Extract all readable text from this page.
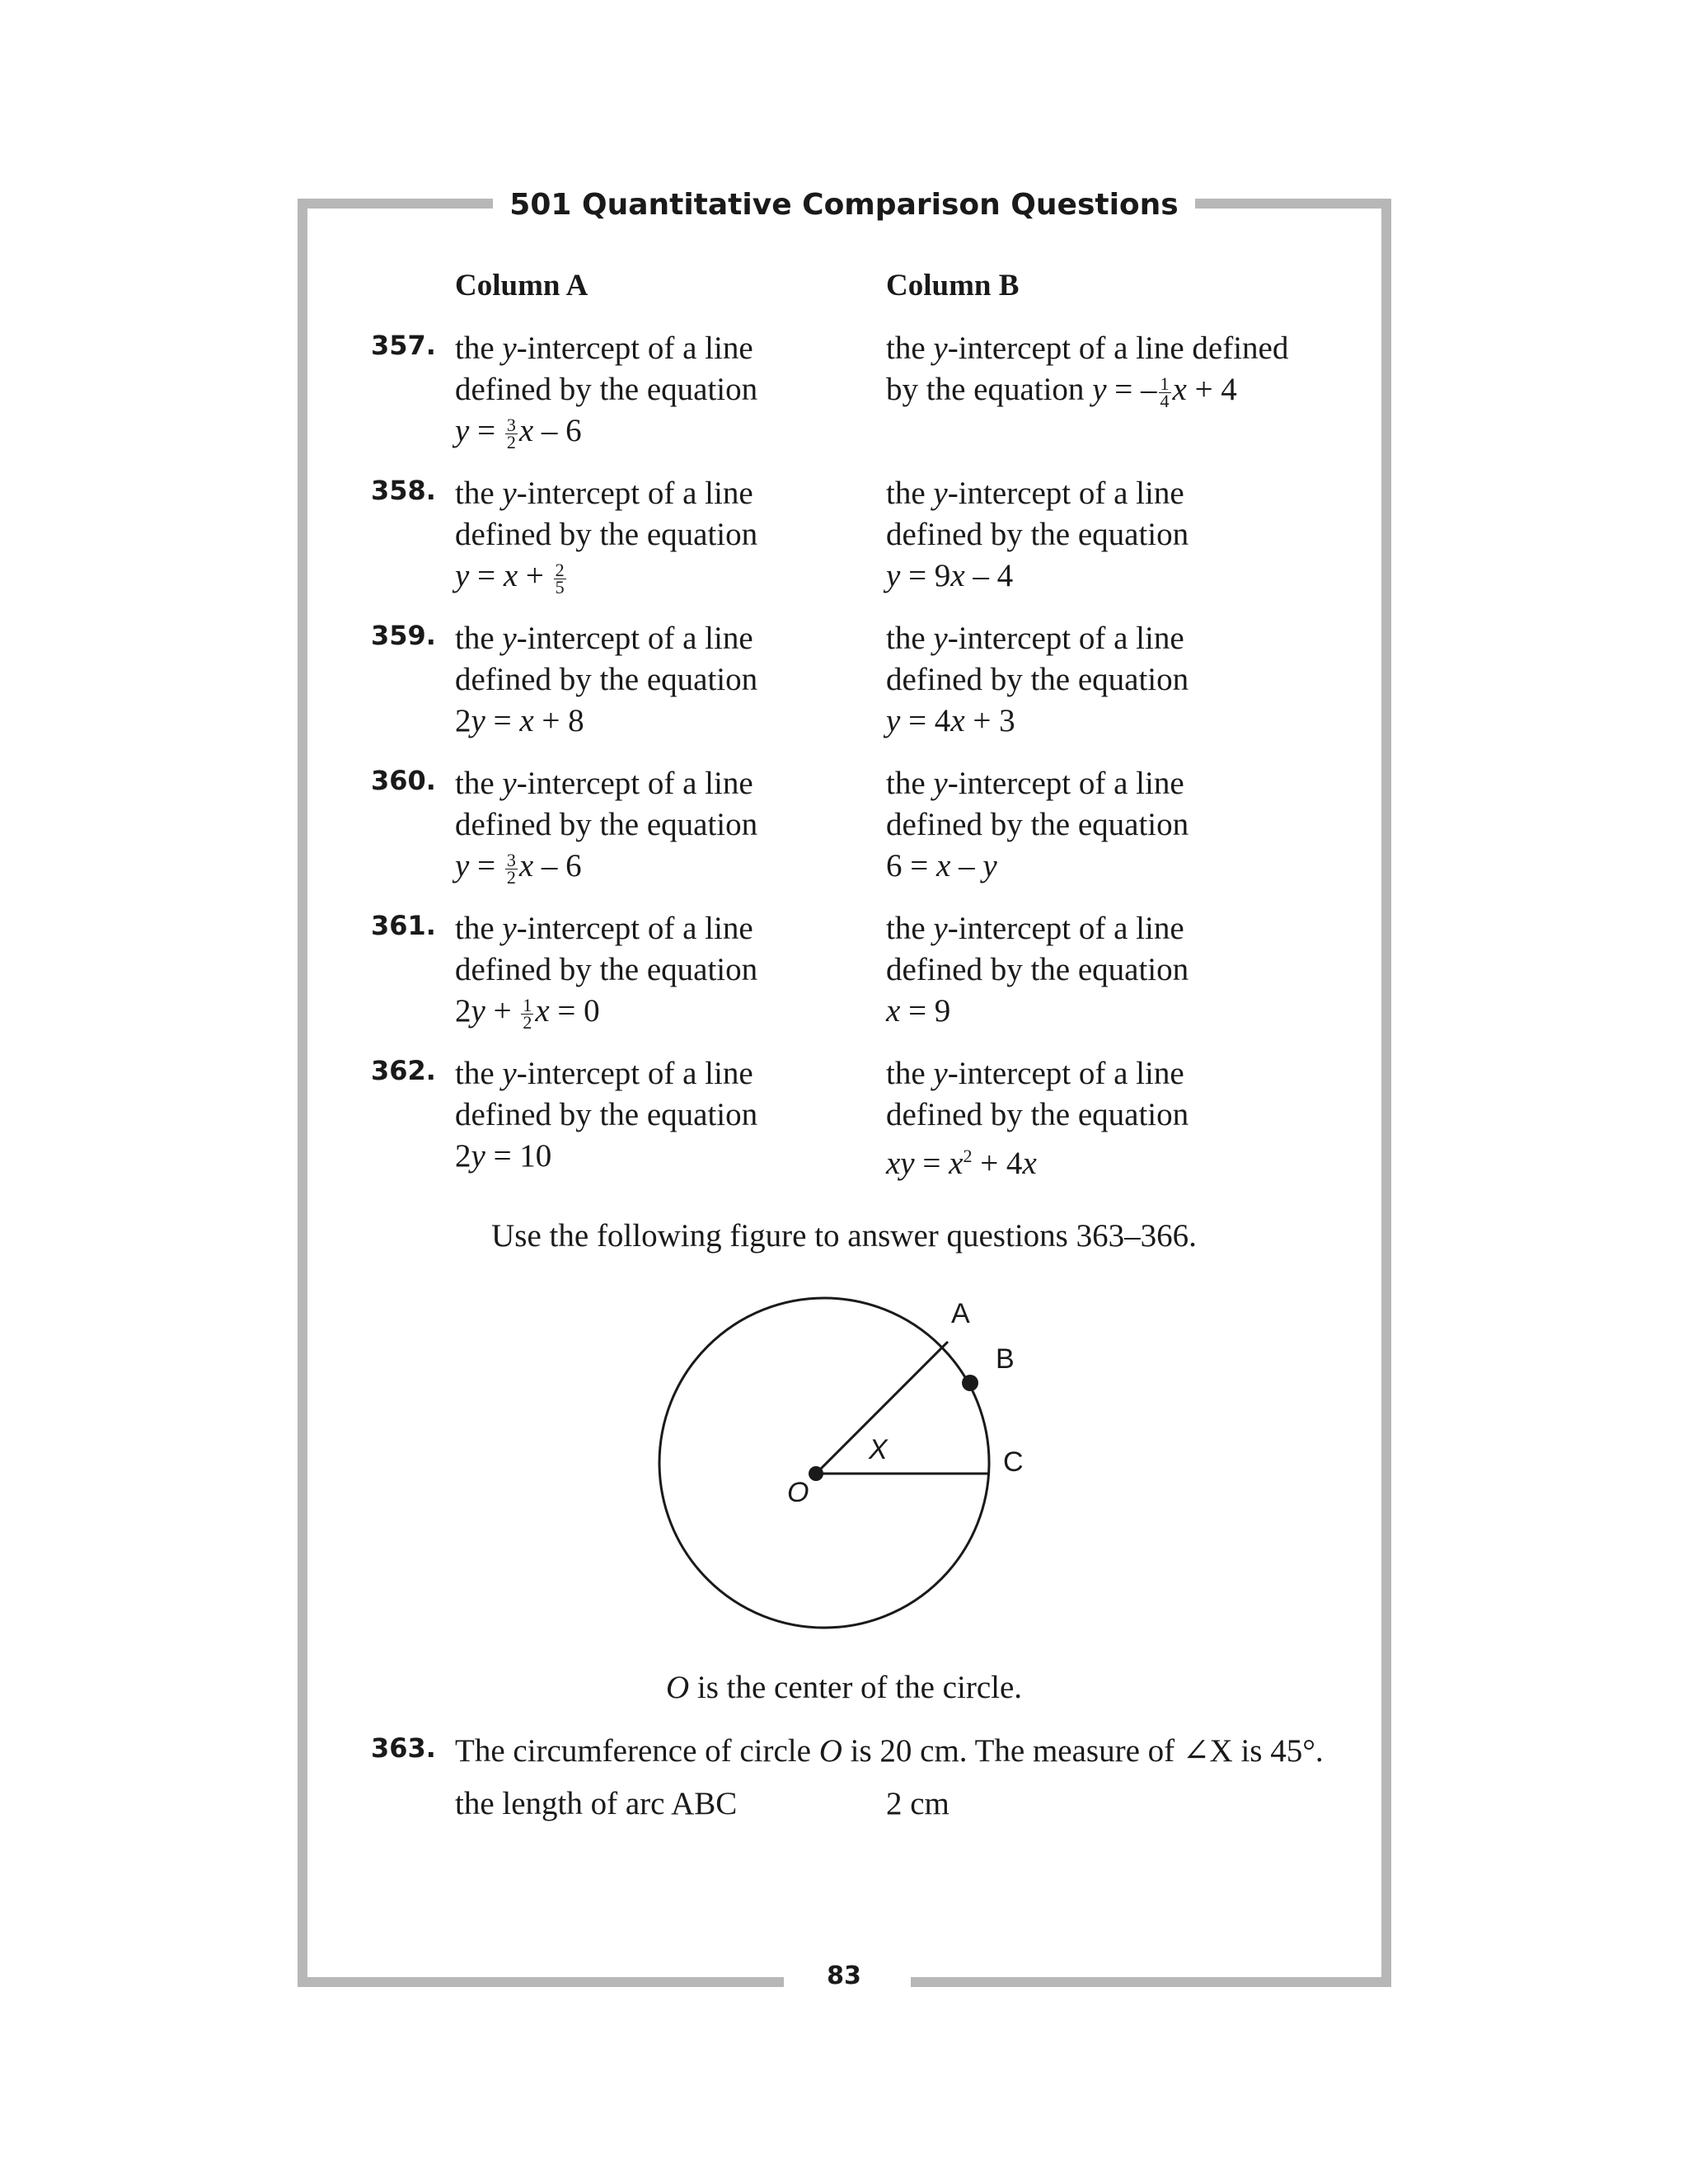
501 Quantitative Comparison Questions
Column A	Column B
357. the y-intercept of a line
defined by the equation
$y = \frac{3}{2}$ x – 6
the y-intercept of a line defined
by the equation y = – $\frac{1}{4}$ x + 4
358. the y-intercept of a line
defined by the equation
$y = x + \frac{2}{5}$
the y-intercept of a line
defined by the equation
y = 9x – 4
359. the y-intercept of a line
defined by the equation
2y = x + 8
the y-intercept of a line
defined by the equation
y = 4x + 3
360. the y-intercept of a line
defined by the equation
$y = \frac{3}{2}$ x – 6
the y-intercept of a line
defined by the equation
6 = x – y
361. the y-intercept of a line
defined by the equation
$2y + \frac{1}{2}$ x = 0
the y-intercept of a line
defined by the equation
x = 9
362. the y-intercept of a line
defined by the equation
2y = 10
the y-intercept of a line
defined by the equation
xy = $x^2 + 4x$
Use the following figure to answer questions 363–366.
A
B
C
O
X
O is the center of the circle.
363. The circumference of circle O is 20 cm. The measure of ∠X is 45°.
the length of arc ABC	2 cm
83
